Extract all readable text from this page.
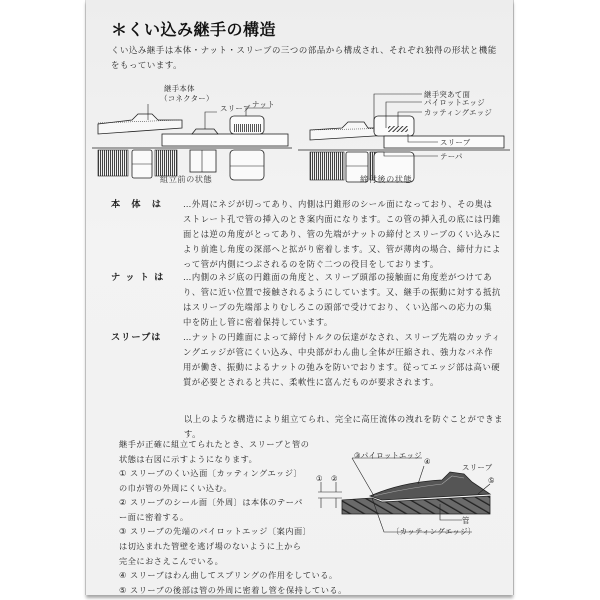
＊くい込み継手の構造
くい込み継手は本体・ナット・スリーブの三つの部品から構成され、それぞれ独得の形状と機能をもっています。
継手本体
（コネクター）
スリーブ ナット
組立前の状態
継手突あて面
パイロットエッジ
カッティングエッジ
スリーブ
テーパ
締付後の状態
本　体　は	…外周にネジが切ってあり、内側は円錐形のシール面になっており、その奥はストレート孔で管の挿入のとき案内面になります。この管の挿入孔の底には円錐面とは逆の角度がとってあり、管の先端がナットの締付とスリーブのくい込みにより前進し角度の深部へと拡がり密着します。又、管が薄肉の場合、締付力によって管が内側につぶされるのを防ぐ二つの役目をしております。
ナ ッ ト は …内側のネジ底の円錐面の角度と、スリーブ頭部の接触面に角度差がつけてあり、管に近い位置で接触されるようにしています。又、継手の振動に対する抵抗はスリーブの先端部よりむしろこの頭部で受けており、くい込部への応力の集中を防止し管に密着保持しています。
スリーブは	…ナットの円錐面によって締付トルクの伝達がなされ、スリーブ先端のカッティングエッジが管にくい込み、中央部がわん曲し全体が圧縮され、強力なバネ作用が働き、振動によるナットの弛みを防いでおります。従ってエッジ部は高い硬質が必要とされると共に、柔軟性に富んだものが要求されます。
以上のような構造により組立てられ、完全に高圧流体の洩れを防ぐことができます。
継手が正確に組立てられたとき、スリーブと管の状態は右図に示すようになります。
① スリーブのくい込面〔カッティングエッジ〕の巾が管の外周にくい込む。
② スリーブのシール面〔外周〕は本体のテーパー面に密着する。
③ スリーブの先端のパイロットエッジ〔案内面〕は切込まれた管壁を逃げ場のないように上から完全におさえこんでいる。
④ スリーブはわん曲してスプリングの作用をしている。
⑤ スリーブの後部は管の外周に密着し管を保持している。
③パイロットエッジ
④
スリーブ
⑤
① ②
管
〔カッティングエッジ〕
